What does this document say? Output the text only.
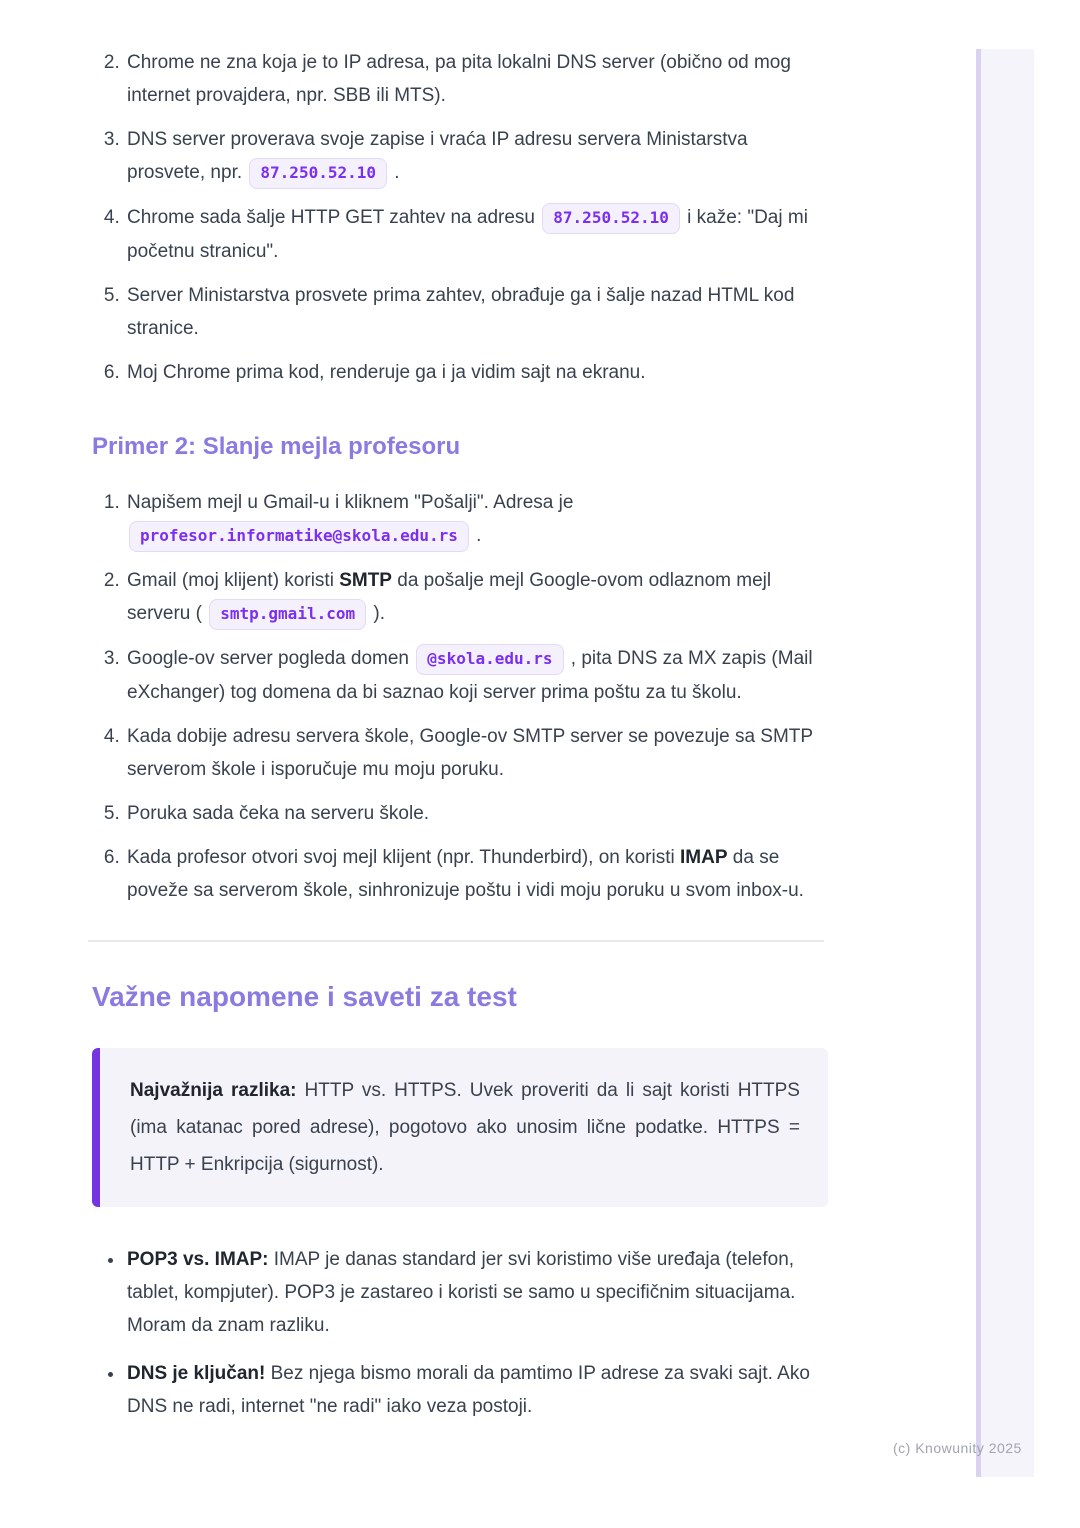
(c) Knowunity 2025
2. Chrome ne zna koja je to IP adresa, pa pita lokalni DNS server (obično od mog internet provajdera, npr. SBB ili MTS).
3. DNS server proverava svoje zapise i vraća IP adresu servera Ministarstva prosvete, npr. 87.250.52.10 .
4. Chrome sada šalje HTTP GET zahtev na adresu 87.250.52.10 i kaže: "Daj mi početnu stranicu".
5. Server Ministarstva prosvete prima zahtev, obrađuje ga i šalje nazad HTML kod stranice.
6. Moj Chrome prima kod, renderuje ga i ja vidim sajt na ekranu.
Primer 2: Slanje mejla profesoru
1. Napišem mejl u Gmail-u i kliknem "Pošalji". Adresa je profesor.informatike@skola.edu.rs .
2. Gmail (moj klijent) koristi SMTP da pošalje mejl Google-ovom odlaznom mejl serveru ( smtp.gmail.com ).
3. Google-ov server pogleda domen @skola.edu.rs , pita DNS za MX zapis (Mail eXchanger) tog domena da bi saznao koji server prima poštu za tu školu.
4. Kada dobije adresu servera škole, Google-ov SMTP server se povezuje sa SMTP serverom škole i isporučuje mu moju poruku.
5. Poruka sada čeka na serveru škole.
6. Kada profesor otvori svoj mejl klijent (npr. Thunderbird), on koristi IMAP da se poveže sa serverom škole, sinhronizuje poštu i vidi moju poruku u svom inbox-u.
Važne napomene i saveti za test

Najvažnija razlika: HTTP vs. HTTPS. Uvek proveriti da li sajt koristi HTTPS (ima katanac pored adrese), pogotovo ako unosim lične podatke. HTTPS = HTTP + Enkripcija (sigurnost).

• POP3 vs. IMAP: IMAP je danas standard jer svi koristimo više uređaja (telefon, tablet, kompjuter). POP3 je zastareo i koristi se samo u specifičnim situacijama. Moram da znam razliku.
• DNS je ključan! Bez njega bismo morali da pamtimo IP adrese za svaki sajt. Ako DNS ne radi, internet "ne radi" iako veza postoji.
